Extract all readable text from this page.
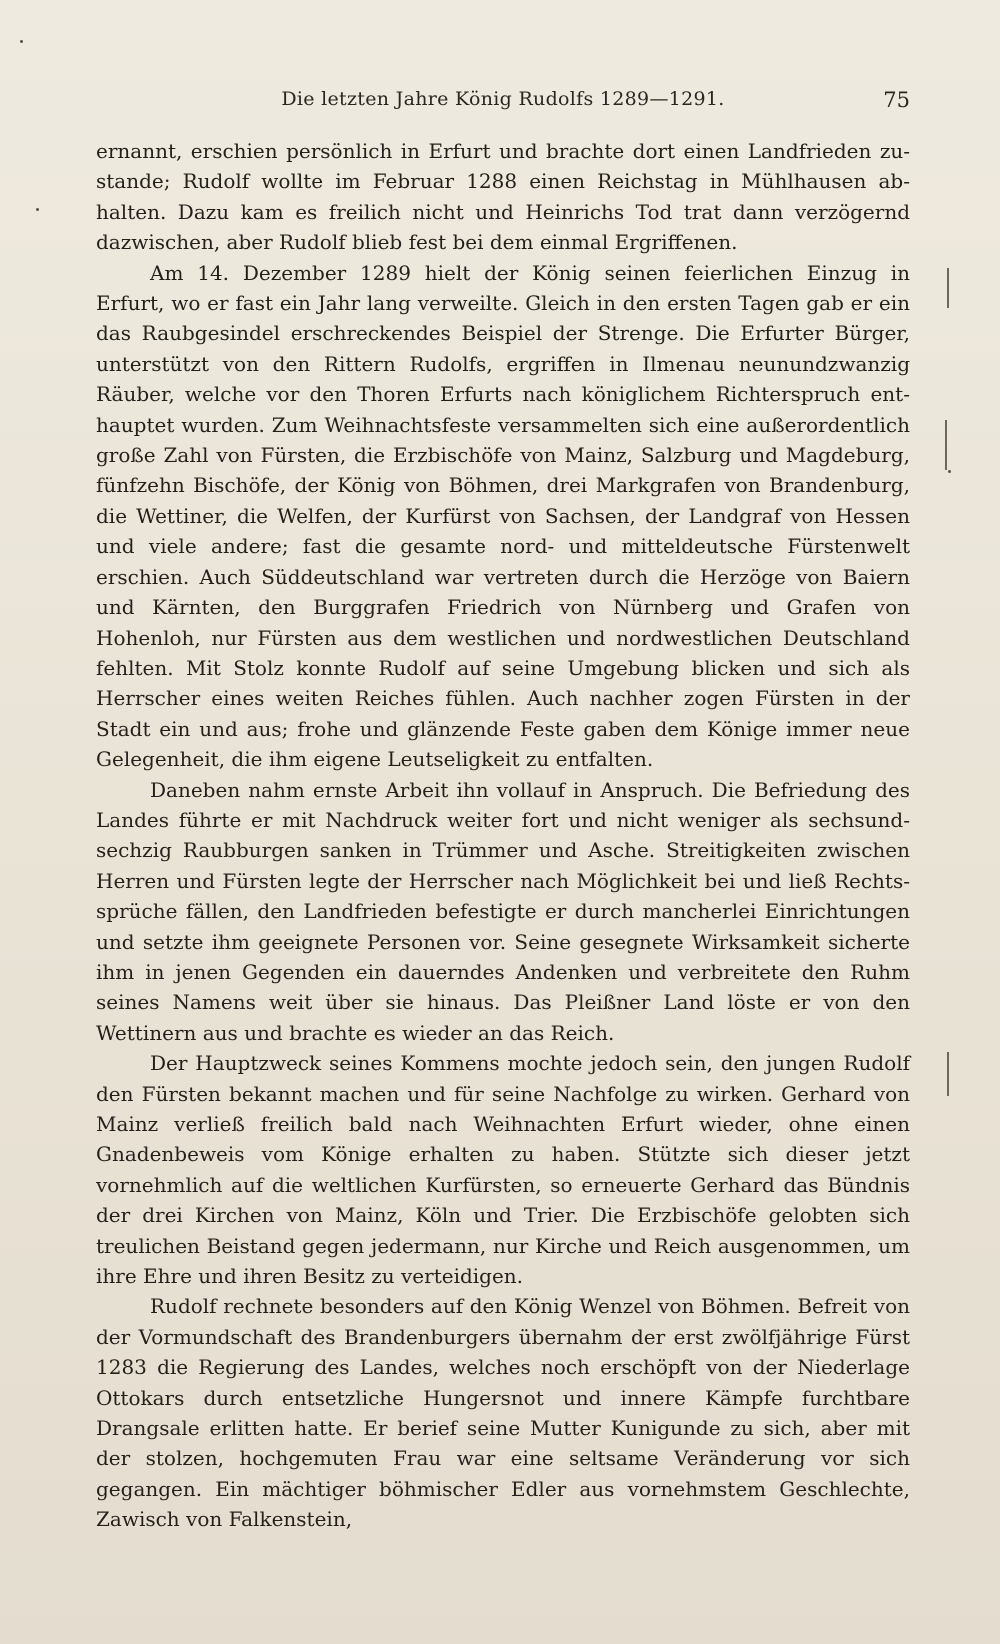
Die letzten Jahre König Rudolfs 1289—1291.	75

ernannt, erschien persönlich in Erfurt und brachte dort einen Landfrieden zustande; Rudolf wollte im Februar 1288 einen Reichstag in Mühlhausen abhalten. Dazu kam es freilich nicht und Heinrichs Tod trat dann verzögernd dazwischen, aber Rudolf blieb fest bei dem einmal Ergriffenen.

Am 14. Dezember 1289 hielt der König seinen feierlichen Einzug in Erfurt, wo er fast ein Jahr lang verweilte. Gleich in den ersten Tagen gab er ein das Raubgesindel erschreckendes Beispiel der Strenge. Die Erfurter Bürger, unterstützt von den Rittern Rudolfs, ergriffen in Ilmenau neunundzwanzig Räuber, welche vor den Thoren Erfurts nach königlichem Richterspruch enthauptet wurden. Zum Weihnachtsfeste versammelten sich eine außerordentlich große Zahl von Fürsten, die Erzbischöfe von Mainz, Salzburg und Magdeburg, fünfzehn Bischöfe, der König von Böhmen, drei Markgrafen von Brandenburg, die Wettiner, die Welfen, der Kurfürst von Sachsen, der Landgraf von Hessen und viele andere; fast die gesamte nord- und mitteldeutsche Fürstenwelt erschien. Auch Süddeutschland war vertreten durch die Herzöge von Baiern und Kärnten, den Burggrafen Friedrich von Nürnberg und Grafen von Hohenloh, nur Fürsten aus dem westlichen und nordwestlichen Deutschland fehlten. Mit Stolz konnte Rudolf auf seine Umgebung blicken und sich als Herrscher eines weiten Reiches fühlen. Auch nachher zogen Fürsten in der Stadt ein und aus; frohe und glänzende Feste gaben dem Könige immer neue Gelegenheit, die ihm eigene Leutseligkeit zu entfalten.

Daneben nahm ernste Arbeit ihn vollauf in Anspruch. Die Befriedung des Landes führte er mit Nachdruck weiter fort und nicht weniger als sechsundsechzig Raubburgen sanken in Trümmer und Asche. Streitigkeiten zwischen Herren und Fürsten legte der Herrscher nach Möglichkeit bei und ließ Rechtssprüche fällen, den Landfrieden befestigte er durch mancherlei Einrichtungen und setzte ihm geeignete Personen vor. Seine gesegnete Wirksamkeit sicherte ihm in jenen Gegenden ein dauerndes Andenken und verbreitete den Ruhm seines Namens weit über sie hinaus. Das Pleißner Land löste er von den Wettinern aus und brachte es wieder an das Reich.

Der Hauptzweck seines Kommens mochte jedoch sein, den jungen Rudolf den Fürsten bekannt machen und für seine Nachfolge zu wirken. Gerhard von Mainz verließ freilich bald nach Weihnachten Erfurt wieder, ohne einen Gnadenbeweis vom Könige erhalten zu haben. Stützte sich dieser jetzt vornehmlich auf die weltlichen Kurfürsten, so erneuerte Gerhard das Bündnis der drei Kirchen von Mainz, Köln und Trier. Die Erzbischöfe gelobten sich treulichen Beistand gegen jedermann, nur Kirche und Reich ausgenommen, um ihre Ehre und ihren Besitz zu verteidigen.

Rudolf rechnete besonders auf den König Wenzel von Böhmen. Befreit von der Vormundschaft des Brandenburgers übernahm der erst zwölfjährige Fürst 1283 die Regierung des Landes, welches noch erschöpft von der Niederlage Ottokars durch entsetzliche Hungersnot und innere Kämpfe furchtbare Drangsale erlitten hatte. Er berief seine Mutter Kunigunde zu sich, aber mit der stolzen, hochgemuten Frau war eine seltsame Veränderung vor sich gegangen. Ein mächtiger böhmischer Edler aus vornehmstem Geschlechte, Zawisch von Falkenstein,
